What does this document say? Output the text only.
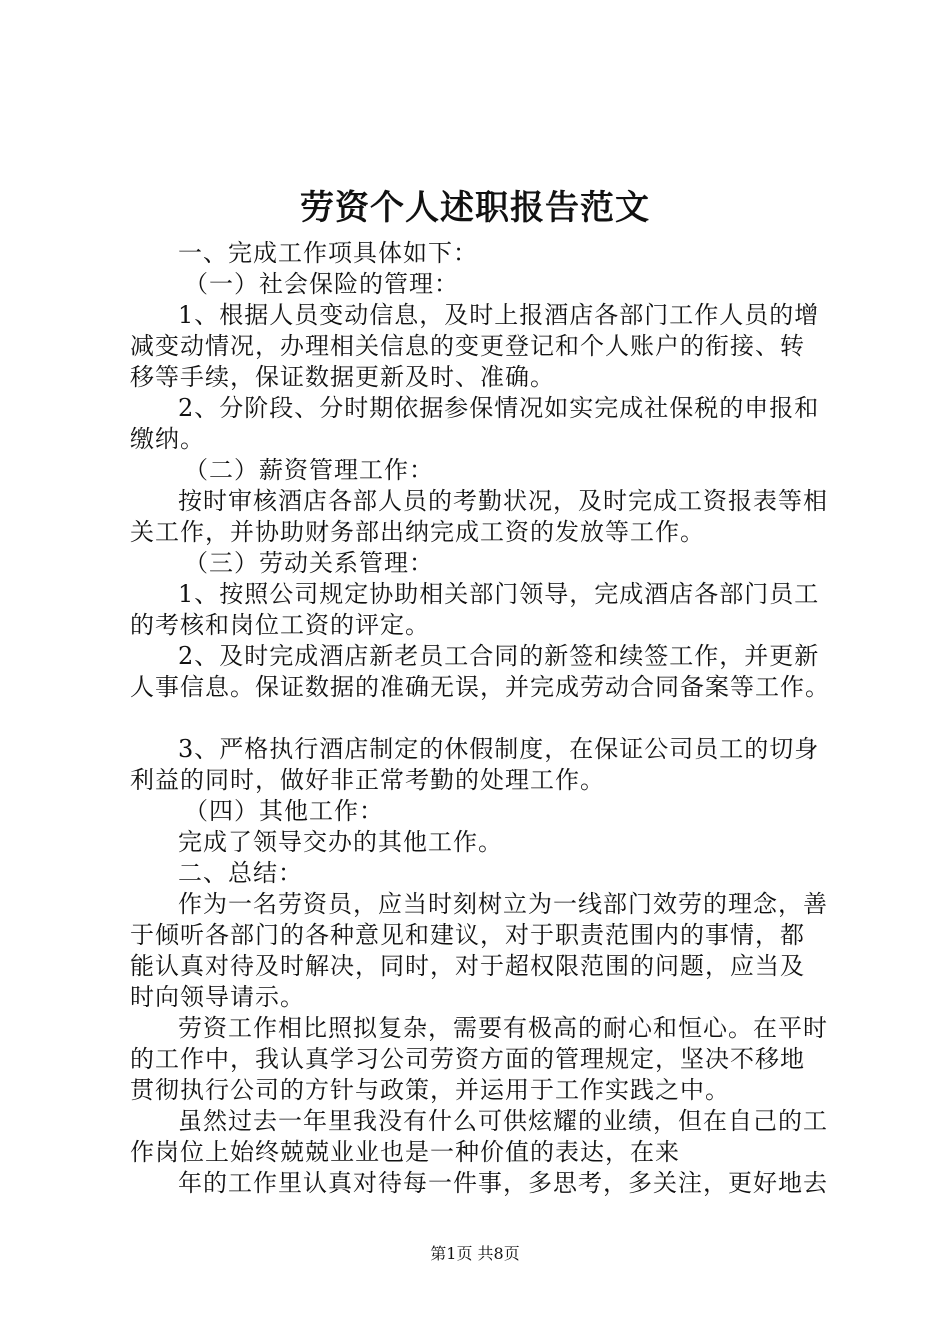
劳资个人述职报告范文
一、完成工作项具体如下：
（一）社会保险的管理：
1、根据人员变动信息，及时上报酒店各部门工作人员的增
减变动情况，办理相关信息的变更登记和个人账户的衔接、转
移等手续，保证数据更新及时、准确。
2、分阶段、分时期依据参保情况如实完成社保税的申报和
缴纳。
（二）薪资管理工作：
按时审核酒店各部人员的考勤状况，及时完成工资报表等相
关工作，并协助财务部出纳完成工资的发放等工作。
（三）劳动关系管理：
1、按照公司规定协助相关部门领导，完成酒店各部门员工
的考核和岗位工资的评定。
2、及时完成酒店新老员工合同的新签和续签工作，并更新
人事信息。保证数据的准确无误，并完成劳动合同备案等工作。
3、严格执行酒店制定的休假制度，在保证公司员工的切身
利益的同时，做好非正常考勤的处理工作。
（四）其他工作：
完成了领导交办的其他工作。
二、总结：
作为一名劳资员，应当时刻树立为一线部门效劳的理念，善
于倾听各部门的各种意见和建议，对于职责范围内的事情，都
能认真对待及时解决，同时，对于超权限范围的问题，应当及
时向领导请示。
劳资工作相比照拟复杂，需要有极高的耐心和恒心。在平时
的工作中，我认真学习公司劳资方面的管理规定，坚决不移地
贯彻执行公司的方针与政策，并运用于工作实践之中。
虽然过去一年里我没有什么可供炫耀的业绩，但在自己的工
作岗位上始终兢兢业业也是一种价值的表达，在来
年的工作里认真对待每一件事，多思考，多关注，更好地去
第1页 共8页
